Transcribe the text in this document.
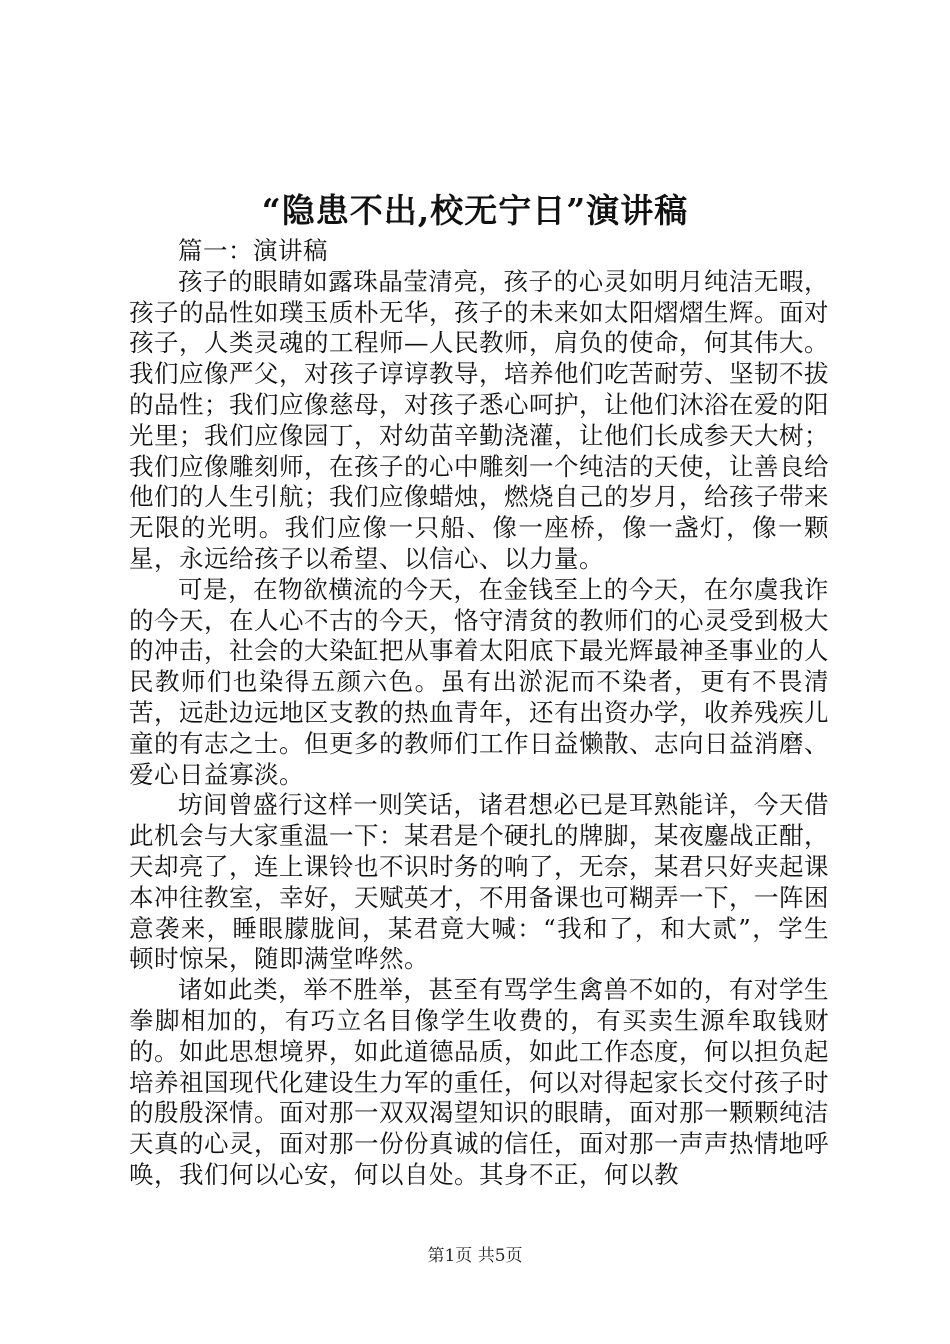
“隐患不出,校无宁日”演讲稿

篇一：演讲稿

孩子的眼睛如露珠晶莹清亮，孩子的心灵如明月纯洁无暇，孩子的品性如璞玉质朴无华，孩子的未来如太阳熠熠生辉。面对孩子，人类灵魂的工程师—人民教师，肩负的使命，何其伟大。我们应像严父，对孩子谆谆教导，培养他们吃苦耐劳、坚韧不拔的品性；我们应像慈母，对孩子悉心呵护，让他们沐浴在爱的阳光里；我们应像园丁，对幼苗辛勤浇灌，让他们长成参天大树；我们应像雕刻师，在孩子的心中雕刻一个纯洁的天使，让善良给他们的人生引航；我们应像蜡烛，燃烧自己的岁月，给孩子带来无限的光明。我们应像一只船、像一座桥，像一盏灯，像一颗星，永远给孩子以希望、以信心、以力量。

可是，在物欲横流的今天，在金钱至上的今天，在尔虞我诈的今天，在人心不古的今天，恪守清贫的教师们的心灵受到极大的冲击，社会的大染缸把从事着太阳底下最光辉最神圣事业的人民教师们也染得五颜六色。虽有出淤泥而不染者，更有不畏清苦，远赴边远地区支教的热血青年，还有出资办学，收养残疾儿童的有志之士。但更多的教师们工作日益懒散、志向日益消磨、爱心日益寡淡。

坊间曾盛行这样一则笑话，诸君想必已是耳熟能详，今天借此机会与大家重温一下：某君是个硬扎的牌脚，某夜鏖战正酣，天却亮了，连上课铃也不识时务的响了，无奈，某君只好夹起课本冲往教室，幸好，天赋英才，不用备课也可糊弄一下，一阵困意袭来，睡眼朦胧间，某君竟大喊：“我和了，和大贰”，学生顿时惊呆，随即满堂哗然。

诸如此类，举不胜举，甚至有骂学生禽兽不如的，有对学生拳脚相加的，有巧立名目像学生收费的，有买卖生源牟取钱财的。如此思想境界，如此道德品质，如此工作态度，何以担负起培养祖国现代化建设生力军的重任，何以对得起家长交付孩子时的殷殷深情。面对那一双双渴望知识的眼睛，面对那一颗颗纯洁天真的心灵，面对那一份份真诚的信任，面对那一声声热情地呼唤，我们何以心安，何以自处。其身不正，何以教

第1页 共5页
